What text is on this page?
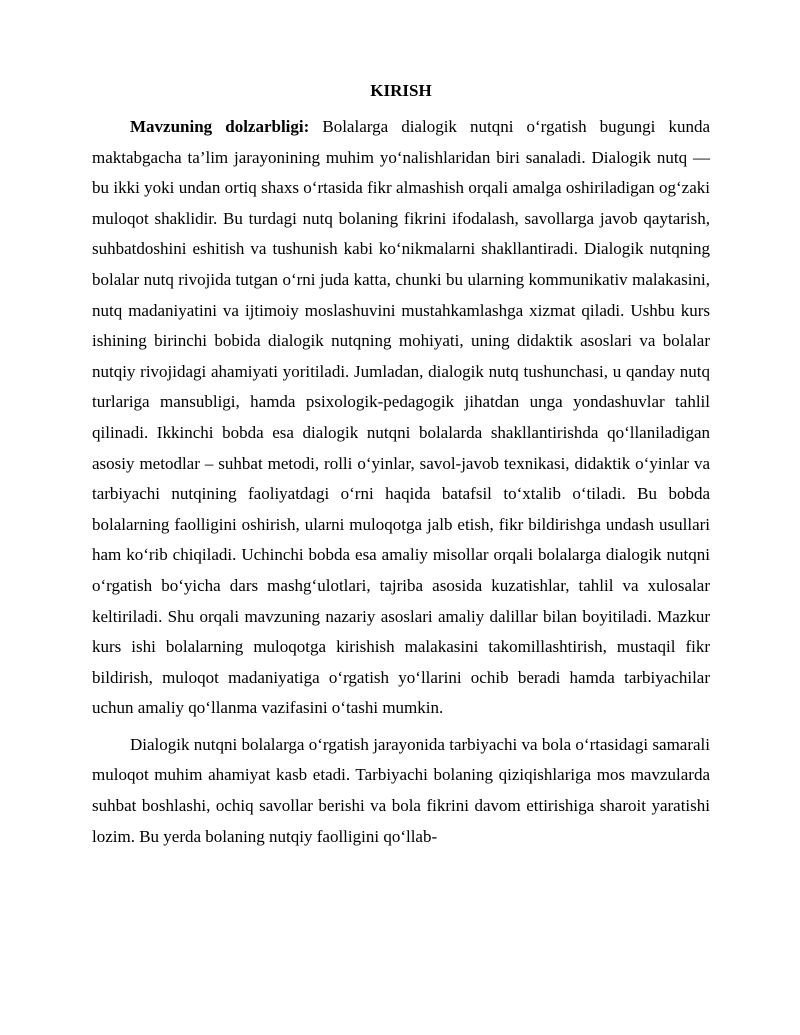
KIRISH

Mavzuning dolzarbligi: Bolalarga dialogik nutqni o‘rgatish bugungi kunda maktabgacha ta’lim jarayonining muhim yo‘nalishlaridan biri sanaladi. Dialogik nutq — bu ikki yoki undan ortiq shaxs o‘rtasida fikr almashish orqali amalga oshiriladigan og‘zaki muloqot shaklidir. Bu turdagi nutq bolaning fikrini ifodalash, savollarga javob qaytarish, suhbatdoshini eshitish va tushunish kabi ko‘nikmalarni shakllantiradi. Dialogik nutqning bolalar nutq rivojida tutgan o‘rni juda katta, chunki bu ularning kommunikativ malakasini, nutq madaniyatini va ijtimoiy moslashuvini mustahkamlashga xizmat qiladi. Ushbu kurs ishining birinchi bobida dialogik nutqning mohiyati, uning didaktik asoslari va bolalar nutqiy rivojidagi ahamiyati yoritiladi. Jumladan, dialogik nutq tushunchasi, u qanday nutq turlariga mansubligi, hamda psixologik-pedagogik jihatdan unga yondashuvlar tahlil qilinadi. Ikkinchi bobda esa dialogik nutqni bolalarda shakllantirishda qo‘llaniladigan asosiy metodlar – suhbat metodi, rolli o‘yinlar, savol-javob texnikasi, didaktik o‘yinlar va tarbiyachi nutqining faoliyatdagi o‘rni haqida batafsil to‘xtalib o‘tiladi. Bu bobda bolalarning faolligini oshirish, ularni muloqotga jalb etish, fikr bildirishga undash usullari ham ko‘rib chiqiladi. Uchinchi bobda esa amaliy misollar orqali bolalarga dialogik nutqni o‘rgatish bo‘yicha dars mashg‘ulotlari, tajriba asosida kuzatishlar, tahlil va xulosalar keltiriladi. Shu orqali mavzuning nazariy asoslari amaliy dalillar bilan boyitiladi. Mazkur kurs ishi bolalarning muloqotga kirishish malakasini takomillashtirish, mustaqil fikr bildirish, muloqot madaniyatiga o‘rgatish yo‘llarini ochib beradi hamda tarbiyachilar uchun amaliy qo‘llanma vazifasini o‘tashi mumkin.

Dialogik nutqni bolalarga o‘rgatish jarayonida tarbiyachi va bola o‘rtasidagi samarali muloqot muhim ahamiyat kasb etadi. Tarbiyachi bolaning qiziqishlariga mos mavzularda suhbat boshlashi, ochiq savollar berishi va bola fikrini davom ettirishiga sharoit yaratishi lozim. Bu yerda bolaning nutqiy faolligini qo‘llab-
